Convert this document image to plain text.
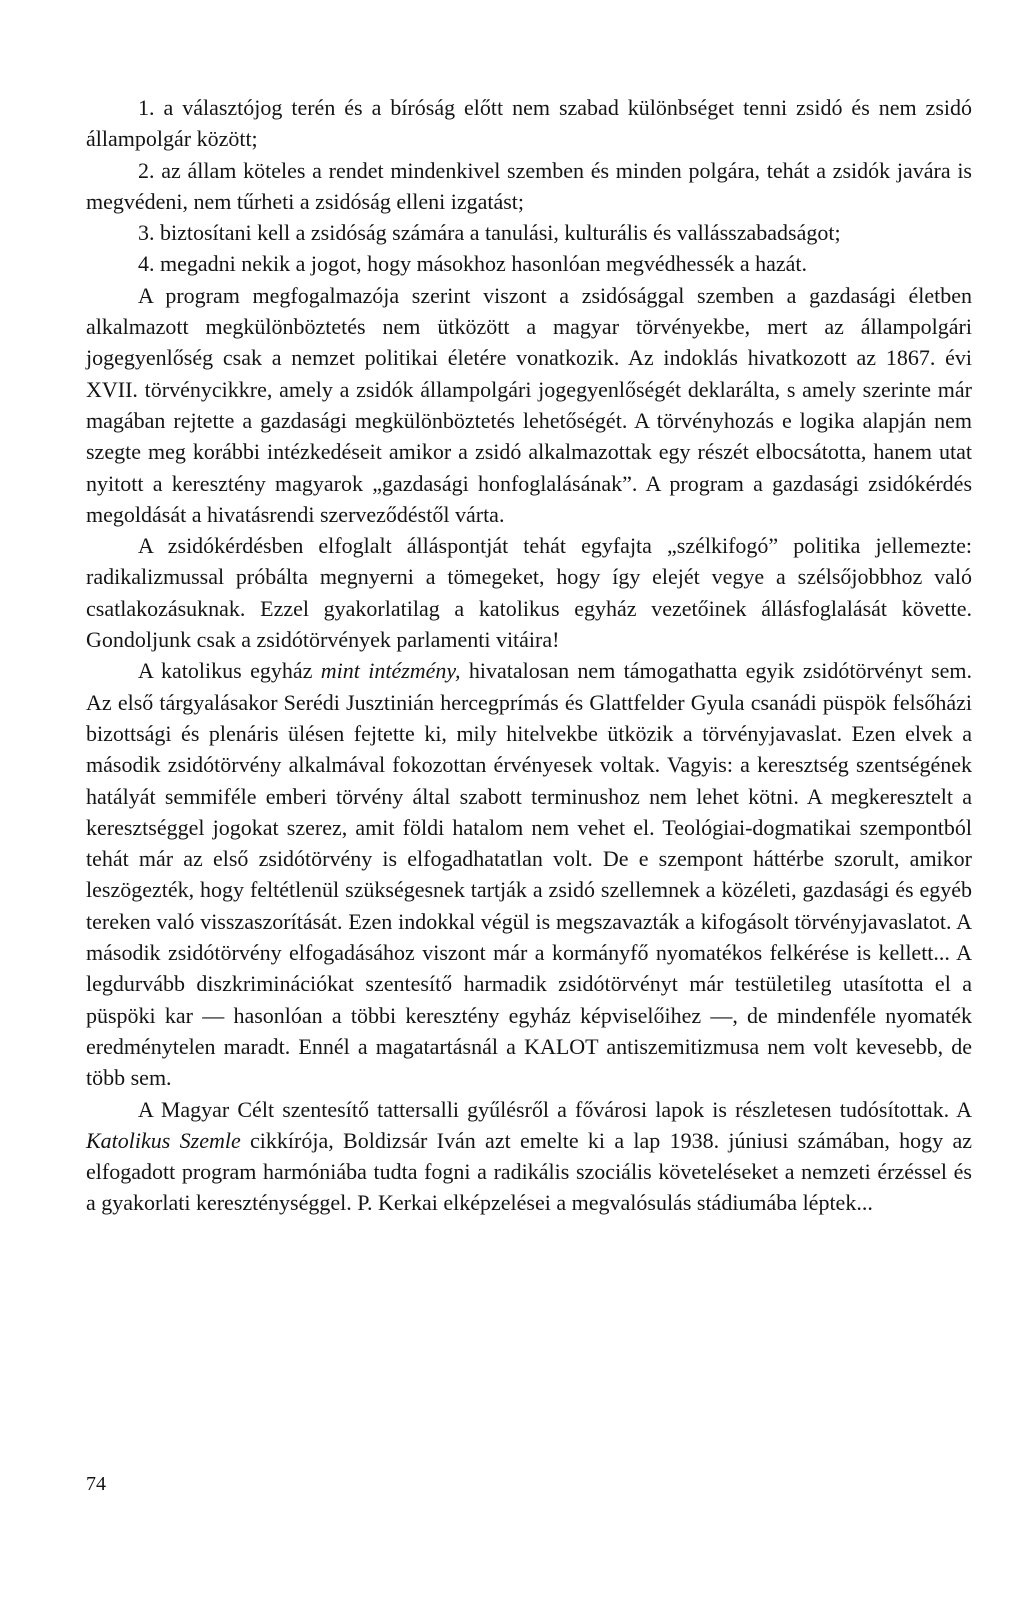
1. a választójog terén és a bíróság előtt nem szabad különbséget tenni zsidó és nem zsidó állampolgár között;

2. az állam köteles a rendet mindenkivel szemben és minden polgára, tehát a zsidók javára is megvédeni, nem tűrheti a zsidóság elleni izgatást;

3. biztosítani kell a zsidóság számára a tanulási, kulturális és vallásszabadságot;

4. megadni nekik a jogot, hogy másokhoz hasonlóan megvédhessék a hazát.

A program megfogalmazója szerint viszont a zsidósággal szemben a gazdasági életben alkalmazott megkülönböztetés nem ütközött a magyar törvényekbe, mert az állampolgári jogegyenlőség csak a nemzet politikai életére vonatkozik. Az indoklás hivatkozott az 1867. évi XVII. törvénycikkre, amely a zsidók állampolgári jogegyenlőségét deklarálta, s amely szerinte már magában rejtette a gazdasági megkülönböztetés lehetőségét. A törvényhozás e logika alapján nem szegte meg korábbi intézkedéseit amikor a zsidó alkalmazottak egy részét elbocsátotta, hanem utat nyitott a keresztény magyarok „gazdasági honfoglalásának”. A program a gazdasági zsidókérdés megoldását a hivatásrendi szerveződéstől várta.

A zsidókérdésben elfoglalt álláspontját tehát egyfajta „szélkifogó” politika jellemezte: radikalizmussal próbálta megnyerni a tömegeket, hogy így elejét vegye a szélsőjobbhoz való csatlakozásuknak. Ezzel gyakorlatilag a katolikus egyház vezetőinek állásfoglalását követte. Gondoljunk csak a zsidótörvények parlamenti vitáira!

A katolikus egyház mint intézmény, hivatalosan nem támogathatta egyik zsidótörvényt sem. Az első tárgyalásakor Serédi Jusztinián hercegprímás és Glattfelder Gyula csanádi püspök felsőházi bizottsági és plenáris ülésen fejtette ki, mily hitelvekbe ütközik a törvényjavaslat. Ezen elvek a második zsidótörvény alkalmával fokozottan érvényesek voltak. Vagyis: a keresztség szentségének hatályát semmiféle emberi törvény által szabott terminushoz nem lehet kötni. A megkeresztelt a keresztséggel jogokat szerez, amit földi hatalom nem vehet el. Teológiai-dogmatikai szempontból tehát már az első zsidótörvény is elfogadhatatlan volt. De e szempont háttérbe szorult, amikor leszögezték, hogy feltétlenül szükségesnek tartják a zsidó szellemnek a közéleti, gazdasági és egyéb tereken való visszaszorítását. Ezen indokkal végül is megszavazták a kifogásolt törvényjavaslatot. A második zsidótörvény elfogadásához viszont már a kormányfő nyomatékos felkérése is kellett... A legdurvább diszkriminációkat szentesítő harmadik zsidótörvényt már testületileg utasította el a püspöki kar — hasonlóan a többi keresztény egyház képviselőihez —, de mindenféle nyomaték eredménytelen maradt. Ennél a magatartásnál a KALOT antiszemitizmusa nem volt kevesebb, de több sem.

A Magyar Célt szentesítő tattersalli gyűlésről a fővárosi lapok is részletesen tudósítottak. A Katolikus Szemle cikkírója, Boldizsár Iván azt emelte ki a lap 1938. júniusi számában, hogy az elfogadott program harmóniába tudta fogni a radikális szociális követeléseket a nemzeti érzéssel és a gyakorlati kereszténységgel. P. Kerkai elképzelései a megvalósulás stádiumába léptek...

74
